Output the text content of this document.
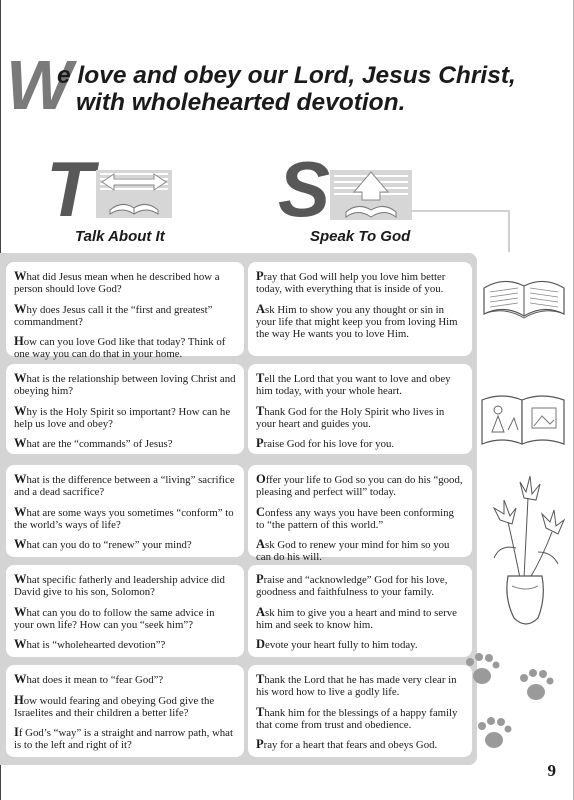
W
e love and obey our Lord, Jesus Christ,
with wholehearted devotion.
T
Talk About It
S
Speak To God

What did Jesus mean when he described how a person should love God?

Why does Jesus call it the “first and greatest” commandment?

How can you love God like that today? Think of one way you can do that in your home.

Pray that God will help you love him better today, with everything that is inside of you.

Ask Him to show you any thought or sin in your life that might keep you from loving Him the way He wants you to love Him.

What is the relationship between loving Christ and obeying him?

Why is the Holy Spirit so important? How can he help us love and obey?

What are the “commands” of Jesus?

Tell the Lord that you want to love and obey him today, with your whole heart.

Thank God for the Holy Spirit who lives in your heart and guides you.

Praise God for his love for you.

What is the difference between a “living” sacrifice and a dead sacrifice?

What are some ways you sometimes “conform” to the world’s ways of life?

What can you do to “renew” your mind?

Offer your life to God so you can do his “good, pleasing and perfect will” today.

Confess any ways you have been conforming to “the pattern of this world.”

Ask God to renew your mind for him so you can do his will.

What specific fatherly and leadership advice did David give to his son, Solomon?

What can you do to follow the same advice in your own life? How can you “seek him”?

What is “wholehearted devotion”?

Praise and “acknowledge” God for his love, goodness and faithfulness to your family.

Ask him to give you a heart and mind to serve him and seek to know him.

Devote your heart fully to him today.

What does it mean to “fear God”?

How would fearing and obeying God give the Israelites and their children a better life?

If God’s “way” is a straight and narrow path, what is to the left and right of it?

Thank the Lord that he has made very clear in his word how to live a godly life.

Thank him for the blessings of a happy family that come from trust and obedience.

Pray for a heart that fears and obeys God.

9
